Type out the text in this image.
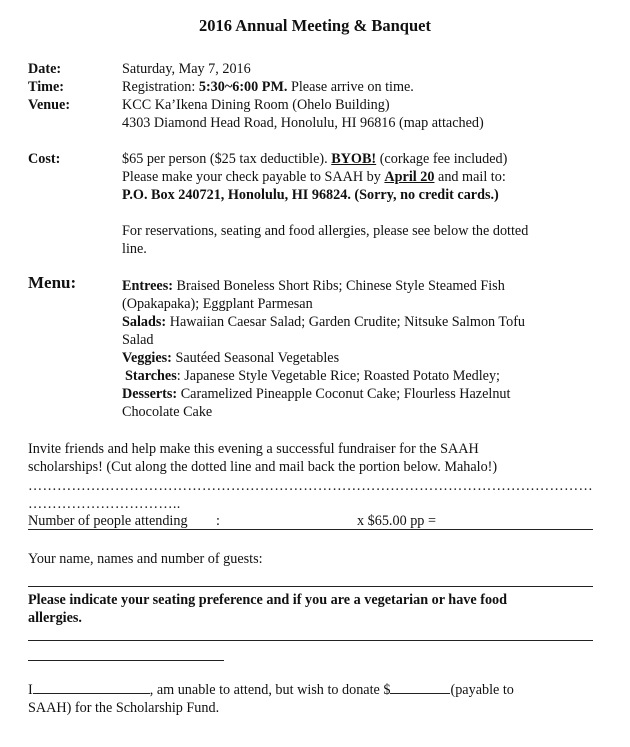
2016 Annual Meeting & Banquet
Date:	Saturday, May 7, 2016
Time:	Registration: 5:30~6:00 PM. Please arrive on time.
Venue:	KCC Ka’Ikena Dining Room (Ohelo Building)
4303 Diamond Head Road, Honolulu, HI 96816 (map attached)
Cost:	$65 per person ($25 tax deductible). BYOB! (corkage fee included)
Please make your check payable to SAAH by April 20 and mail to:
P.O. Box 240721, Honolulu, HI 96824. (Sorry, no credit cards.)
For reservations, seating and food allergies, please see below the dotted
line.
Menu:	Entrees: Braised Boneless Short Ribs; Chinese Style Steamed Fish
(Opakapaka); Eggplant Parmesan
Salads: Hawaiian Caesar Salad; Garden Crudite; Nitsuke Salmon Tofu
Salad
Veggies: Sautéed Seasonal Vegetables
Starches: Japanese Style Vegetable Rice; Roasted Potato Medley;
Desserts: Caramelized Pineapple Coconut Cake; Flourless Hazelnut
Chocolate Cake
Invite friends and help make this evening a successful fundraiser for the SAAH
scholarships! (Cut along the dotted line and mail back the portion below. Mahalo!)
………………………………………………………………………………………………………
…………………………..
Number of people attending :	x $65.00 pp =
Your name, names and number of guests:
Please indicate your seating preference and if you are a vegetarian or have food
allergies.
I	, am unable to attend, but wish to donate $	(payable to
SAAH) for the Scholarship Fund.
